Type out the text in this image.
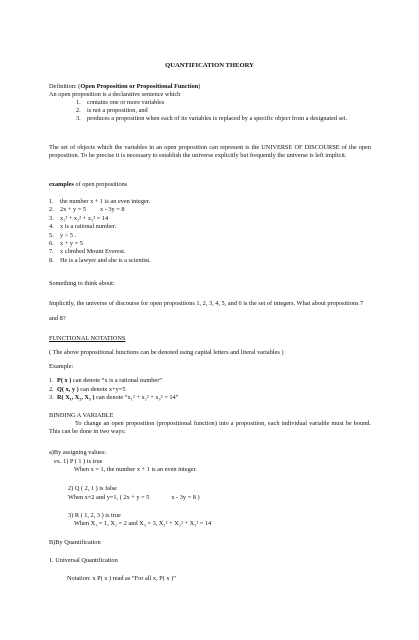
QUANTIFICATION THEORY

Definition: (Open Proposition or Propositional Function)

An open proposition is a declarative sentence which

1. contains one or more variables
2. is not a proposition, and
3. produces a proposition when each of its variables is replaced by a specific object from a designated set.
The set of objects which the variables in an open proposition can represent is the UNIVERSE OF DISCOURSE of the open proposition. To be precise it is necessary to establish the universe explicitly but frequently the universe is left implicit.
examples of open propositions
1. the number x + 1 is an even integer.
2. 2x + y = 5 x - 3y = 8
3. x₁² + x₂² + x₃² = 14
4. x is a rational number.
5. y > 5 .
6. x + y = 5
7. x climbed Mount Everest.
8. He is a lawyer and she is a scientist.
Something to think about:
Implicitly, the universe of discourse for open propositions 1, 2, 3, 4, 5, and 6 is the set of integers. What about propositions 7 and 8?
FUNCTIONAL NOTATIONS
( The above propositional functions can be denoted using capital letters and literal variables )
Example:
1. P( x ) can denote “x is a rational number”
2. Q( x, y ) can denote x+y=5
3. R( X₁, X₂, X₃ ) can denote “x₁² + x₂² + x₃² = 14”
BINDING A VARIABLE
To change an open proposition (propositional function) into a proposition, each individual variable must be bound. This can be done in two ways:
a)By assigning values:
ex. 1) P ( 1 ) is true
When x = 1, the number x + 1 is an even integer.
2) Q ( 2, 1 ) is false
When x=2 and y=1, ( 2x + y = 5	x - 3y = 8 )
3) R ( 1, 2, 3 ) is true
When X₁ = 1, X₂ = 2 and X₃ = 3, X₁² + X₂² + X₃² = 14
B)By Quantification
1. Universal Quantification
Notation: x P( x ) read as “For all x, P( x )”
